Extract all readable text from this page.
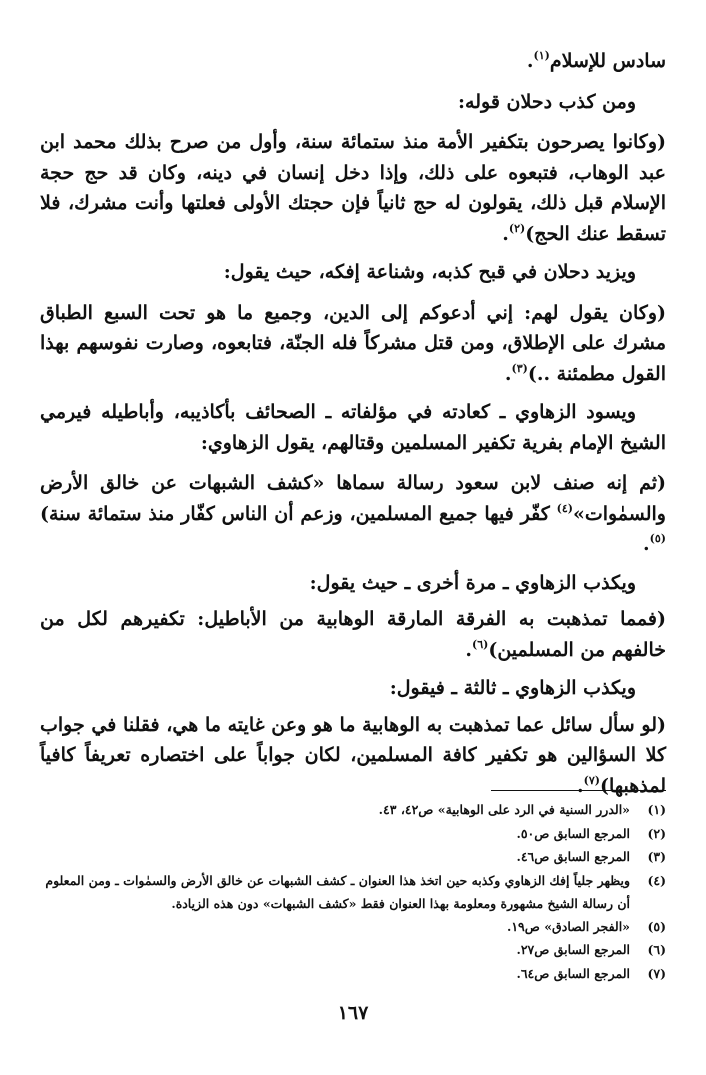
سادس للإسلام$^{(١)}$.

ومن كذب دحلان قوله:

(وكانوا يصرحون بتكفير الأمة منذ ستمائة سنة، وأول من صرح بذلك محمد ابن عبد الوهاب، فتبعوه على ذلك، وإذا دخل إنسان في دينه، وكان قد حج حجة الإسلام قبل ذلك، يقولون له حج ثانياً فإن حجتك الأولى فعلتها وأنت مشرك، فلا تسقط عنك الحج)$^{(٢)}$.

ويزيد دحلان في قبح كذبه، وشناعة إفكه، حيث يقول:

(وكان يقول لهم: إني أدعوكم إلى الدين، وجميع ما هو تحت السبع الطباق مشرك على الإطلاق، ومن قتل مشركاً فله الجنّة، فتابعوه، وصارت نفوسهم بهذا القول مطمئنة ..)$^{(٣)}$.

ويسود الزهاوي ـ كعادته في مؤلفاته ـ الصحائف بأكاذيبه، وأباطيله فيرمي الشيخ الإمام بفرية تكفير المسلمين وقتالهم، يقول الزهاوي:

(ثم إنه صنف لابن سعود رسالة سماها «كشف الشبهات عن خالق الأرض والسمٰوات»$^{(٤)}$ كفّر فيها جميع المسلمين، وزعم أن الناس كفّار منذ ستمائة سنة)$^{(٥)}$.

ويكذب الزهاوي ـ مرة أخرى ـ حيث يقول:

(فمما تمذهبت به الفرقة المارقة الوهابية من الأباطيل: تكفيرهم لكل من خالفهم من المسلمين)$^{(٦)}$.

ويكذب الزهاوي ـ ثالثة ـ فيقول:

(لو سأل سائل عما تمذهبت به الوهابية ما هو وعن غايته ما هي، فقلنا في جواب كلا السؤالين هو تكفير كافة المسلمين، لكان جواباً على اختصاره تعريفاً كافياً لمذهبها)$^{(٧)}$.

(١)
«الدرر السنية في الرد على الوهابية» ص٤٢، ٤٣.
(٢)
المرجع السابق ص٥٠.
(٣)
المرجع السابق ص٤٦.
(٤)
ويظهر جلياً إفك الزهاوي وكذبه حين اتخذ هذا العنوان ـ كشف الشبهات عن خالق الأرض والسمٰوات ـ ومن المعلوم أن رسالة الشيخ مشهورة ومعلومة بهذا العنوان فقط «كشف الشبهات» دون هذه الزيادة.
(٥)
«الفجر الصادق» ص١٩.
(٦)
المرجع السابق ص٢٧.
(٧)
المرجع السابق ص٦٤.
١٦٧
